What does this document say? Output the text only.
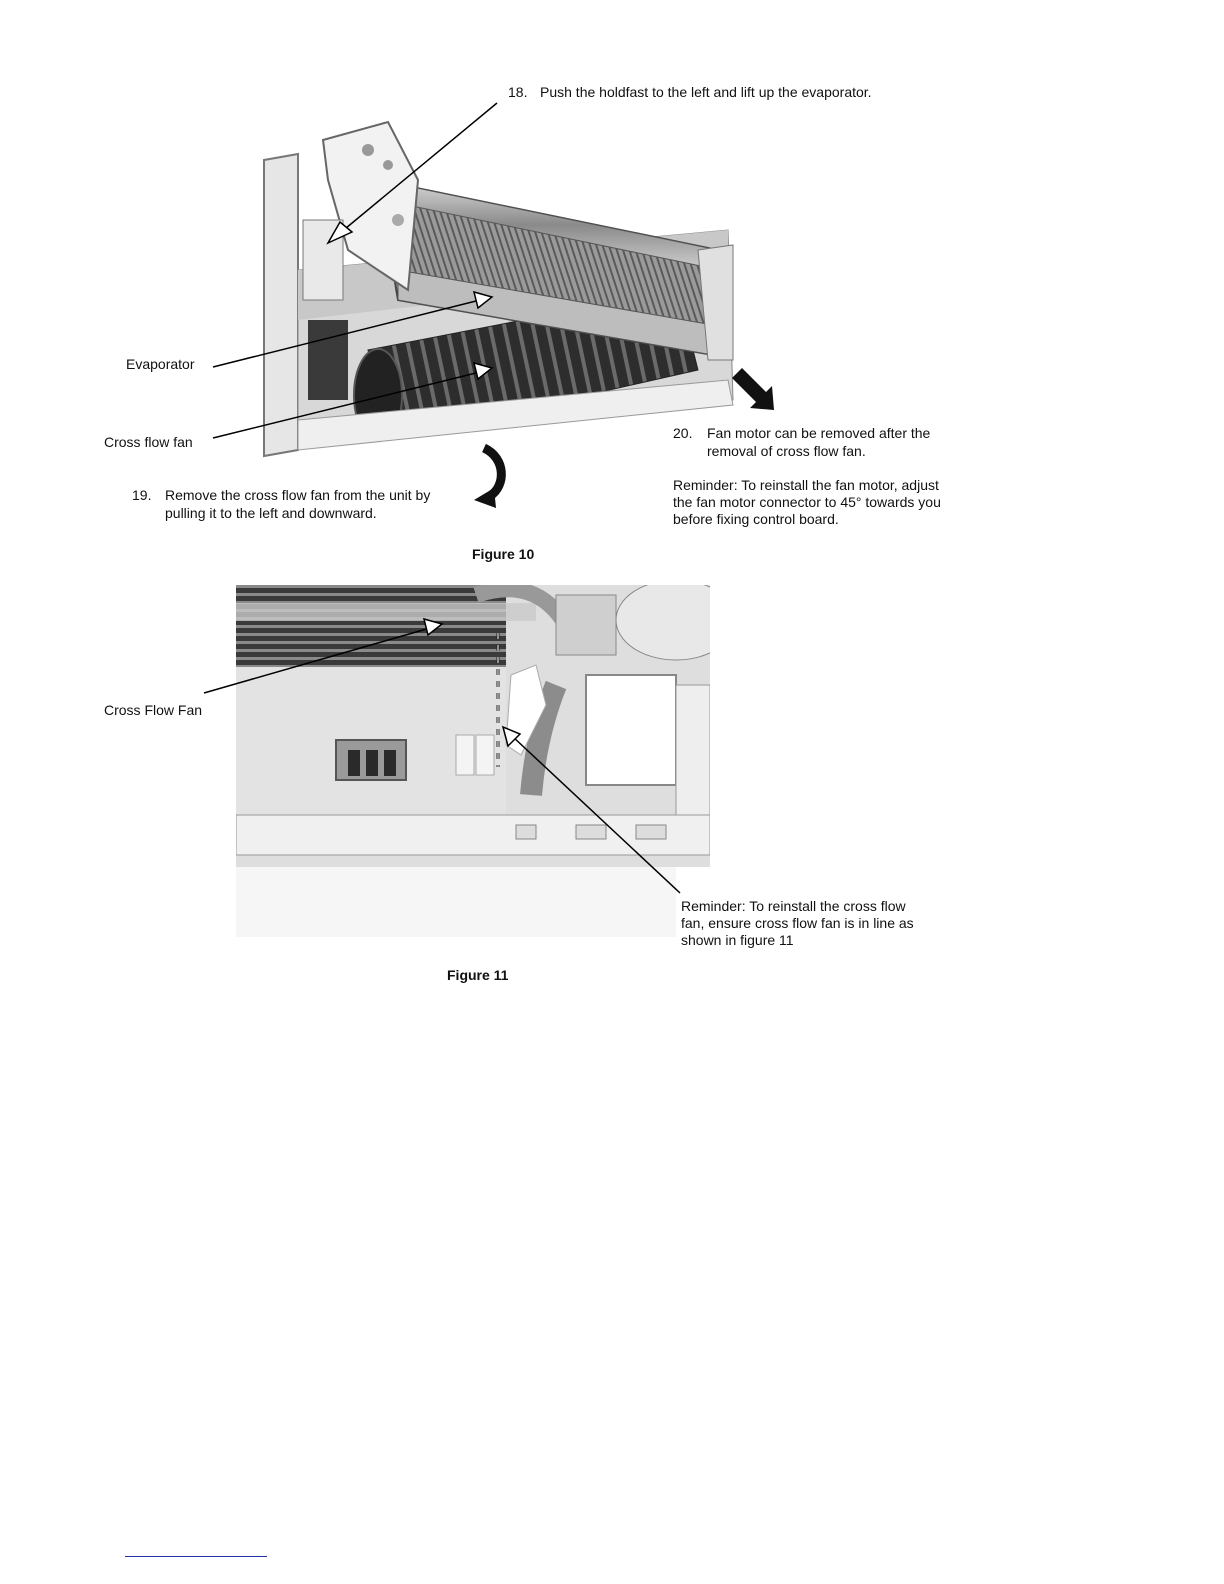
18. Push the holdfast to the left and lift up the evaporator.
Evaporator
Cross flow fan
19. Remove the cross flow fan from the unit by
pulling it to the left and downward.
20. Fan motor can be removed after the
removal of cross flow fan.
Reminder: To reinstall the fan motor, adjust
the fan motor connector to 45° towards you
before fixing control board.
Figure 10
Cross Flow Fan
Reminder: To reinstall the cross flow
fan, ensure cross flow fan is in line as
shown in figure 11
Figure 11
